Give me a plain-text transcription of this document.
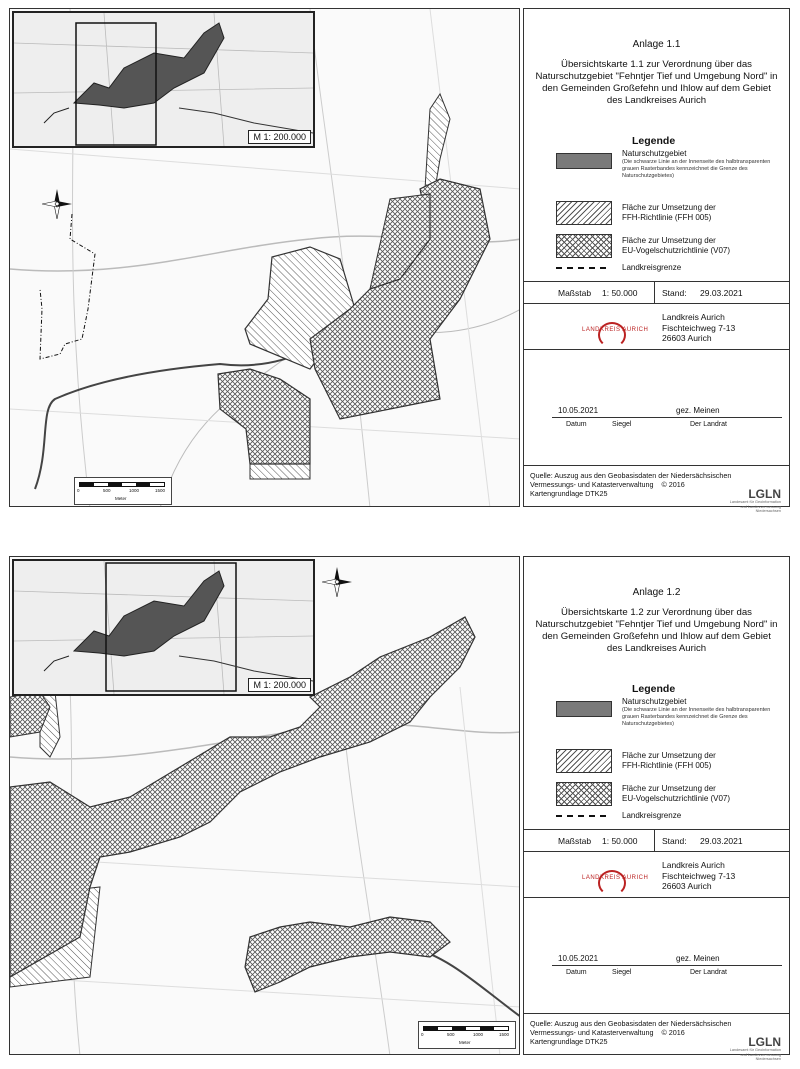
M 1: 200.000
0	500	1000	1500
Meter
Anlage 1.1
Übersichtskarte 1.1 zur Verordnung über das Naturschutzgebiet "Fehntjer Tief und Umgebung Nord" in den Gemeinden Großefehn und Ihlow auf dem Gebiet des Landkreises Aurich
Legende
Naturschutzgebiet
(Die schwarze Linie an der Innenseite des halbtransparenten grauen Rasterbandes kennzeichnet die Grenze des Naturschutzgebietes)
Fläche zur Umsetzung der
FFH-Richtlinie (FFH 005)
Fläche zur Umsetzung der
EU-Vogelschutzrichtlinie (V07)
Landkreisgrenze
Maßstab 1: 50.000	Stand: 29.03.2021
LANDKREIS AURICH
Landkreis Aurich
Fischteichweg 7-13
26603 Aurich
10.05.2021	gez. Meinen
Datum	Siegel	Der Landrat
Quelle: Auszug aus den Geobasisdaten der Niedersächsischen
Vermessungs- und Katasterverwaltung © 2016
Kartengrundlage DTK25	LGLN
Landesamt für Geoinformation und Landesvermessung Niedersachsen
M 1: 200.000
0	500	1000	1500
Meter
Anlage 1.2
Übersichtskarte 1.2 zur Verordnung über das Naturschutzgebiet "Fehntjer Tief und Umgebung Nord" in den Gemeinden Großefehn und Ihlow auf dem Gebiet des Landkreises Aurich
Legende
Naturschutzgebiet
(Die schwarze Linie an der Innenseite des halbtransparenten grauen Rasterbandes kennzeichnet die Grenze des Naturschutzgebietes)
Fläche zur Umsetzung der
FFH-Richtlinie (FFH 005)
Fläche zur Umsetzung der
EU-Vogelschutzrichtlinie (V07)
Landkreisgrenze
Maßstab 1: 50.000	Stand: 29.03.2021
LANDKREIS AURICH
Landkreis Aurich
Fischteichweg 7-13
26603 Aurich
10.05.2021	gez. Meinen
Datum	Siegel	Der Landrat
Quelle: Auszug aus den Geobasisdaten der Niedersächsischen
Vermessungs- und Katasterverwaltung © 2016
Kartengrundlage DTK25	LGLN
Landesamt für Geoinformation und Landesvermessung Niedersachsen
